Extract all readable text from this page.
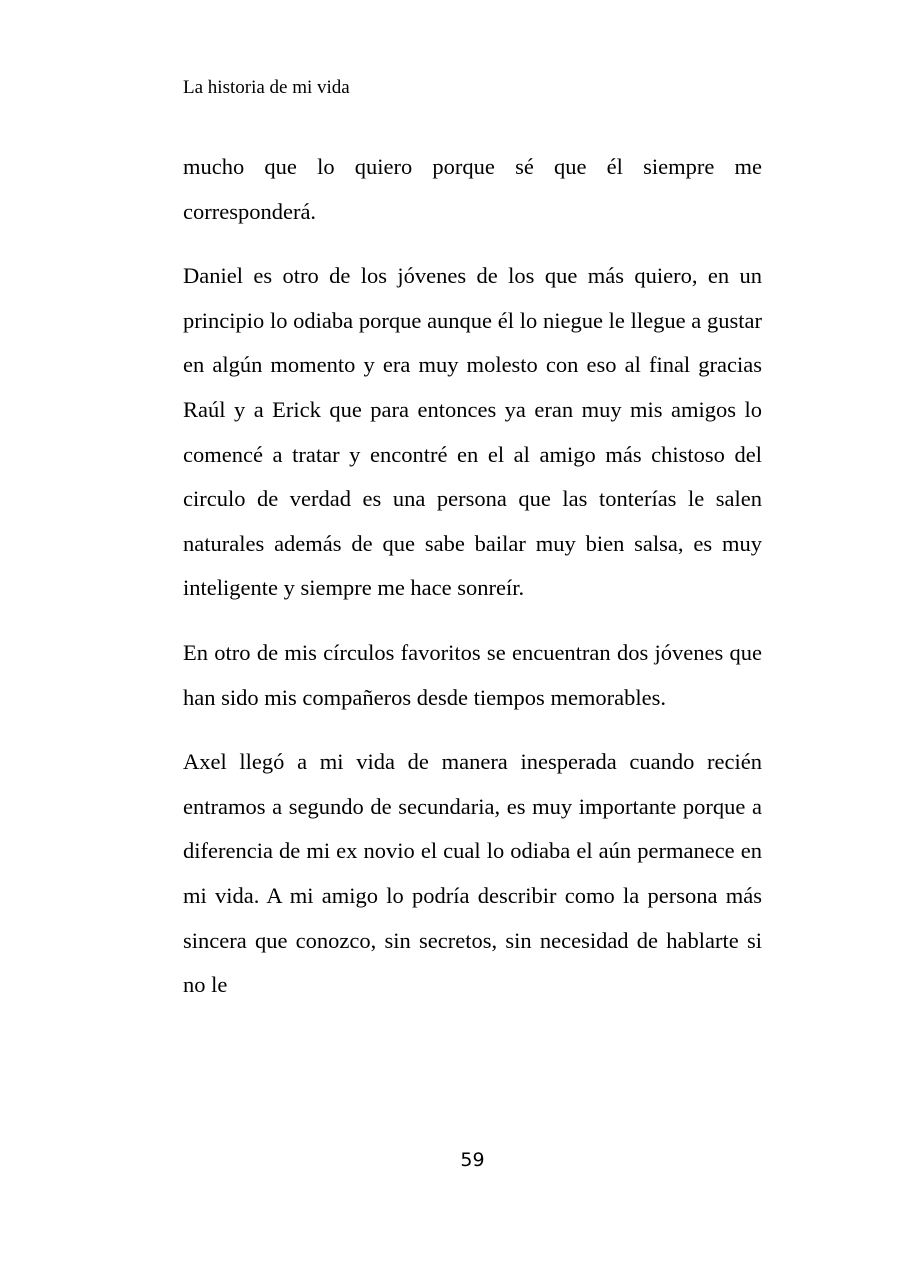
La historia de mi vida

mucho que lo quiero porque sé que él siempre me corresponderá.

Daniel es otro de los jóvenes de los que más quiero, en un principio lo odiaba porque aunque él lo niegue le llegue a gustar en algún momento y era muy molesto con eso al final gracias Raúl y a Erick que para entonces ya eran muy mis amigos lo comencé a tratar y encontré en el al amigo más chistoso del circulo de verdad es una persona que las tonterías le salen naturales además de que sabe bailar muy bien salsa, es muy inteligente y siempre me hace sonreír.

En otro de mis círculos favoritos se encuentran dos jóvenes que han sido mis compañeros desde tiempos memorables.

Axel llegó a mi vida de manera inesperada cuando recién entramos a segundo de secundaria, es muy importante porque a diferencia de mi ex novio el cual lo odiaba el aún permanece en mi vida. A mi amigo lo podría describir como la persona más sincera que conozco, sin secretos, sin necesidad de hablarte si no le

59
